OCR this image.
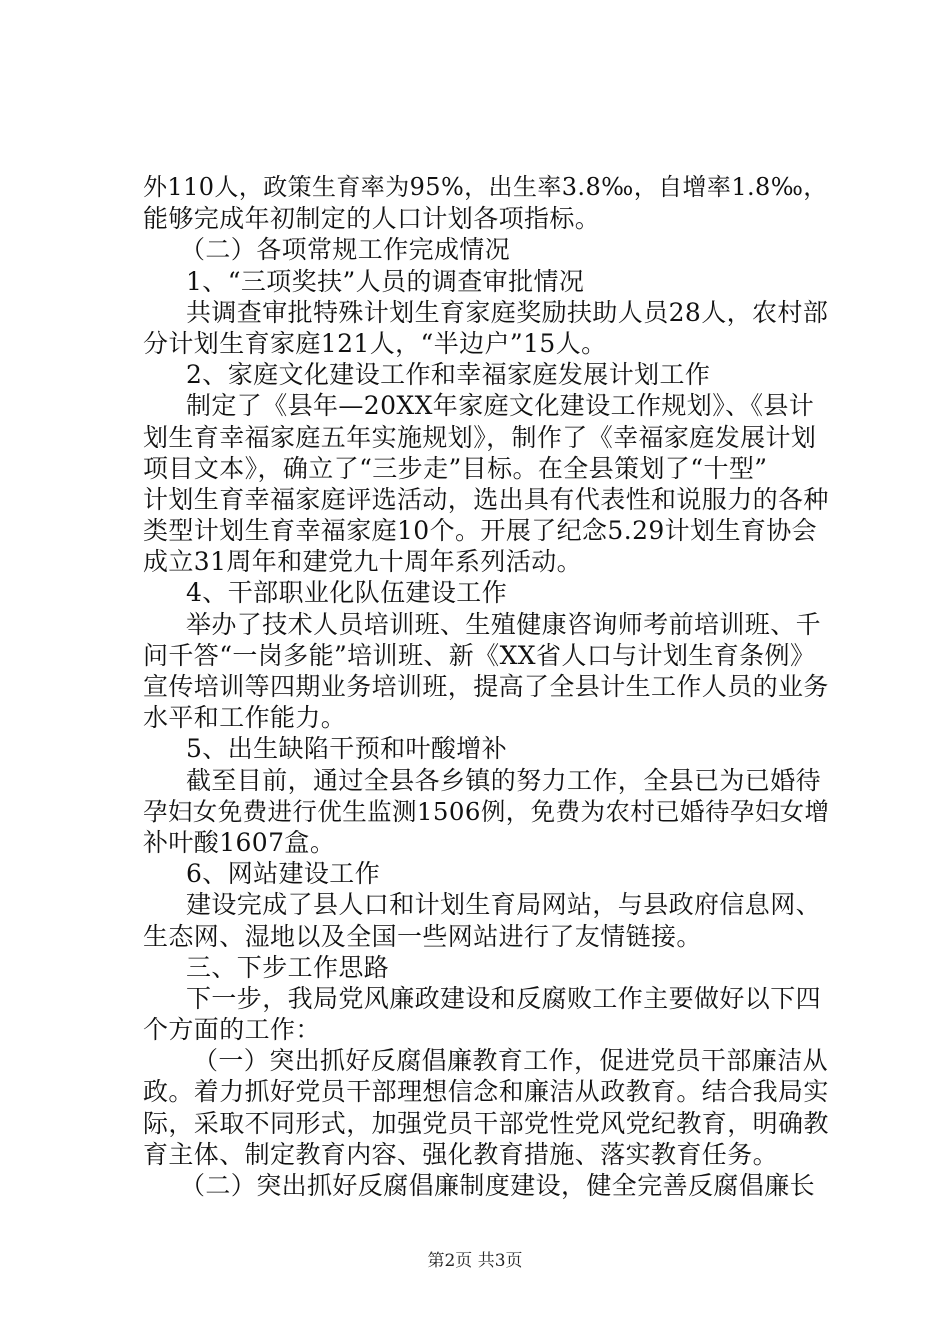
外110人，政策生育率为95%，出生率3.8‰，自增率1.8‰，
能够完成年初制定的人口计划各项指标。
（二）各项常规工作完成情况
1、“三项奖扶”人员的调查审批情况
共调查审批特殊计划生育家庭奖励扶助人员28人，农村部
分计划生育家庭121人，“半边户”15人。
2、家庭文化建设工作和幸福家庭发展计划工作
制定了《县年—20XX年家庭文化建设工作规划》、《县计
划生育幸福家庭五年实施规划》，制作了《幸福家庭发展计划
项目文本》，确立了“三步走”目标。在全县策划了“十型”
计划生育幸福家庭评选活动，选出具有代表性和说服力的各种
类型计划生育幸福家庭10个。开展了纪念5.29计划生育协会
成立31周年和建党九十周年系列活动。
4、干部职业化队伍建设工作
举办了技术人员培训班、生殖健康咨询师考前培训班、千
问千答“一岗多能”培训班、新《XX省人口与计划生育条例》
宣传培训等四期业务培训班，提高了全县计生工作人员的业务
水平和工作能力。
5、出生缺陷干预和叶酸增补
截至目前，通过全县各乡镇的努力工作，全县已为已婚待
孕妇女免费进行优生监测1506例，免费为农村已婚待孕妇女增
补叶酸1607盒。
6、网站建设工作
建设完成了县人口和计划生育局网站，与县政府信息网、
生态网、湿地以及全国一些网站进行了友情链接。
三、下步工作思路
下一步，我局党风廉政建设和反腐败工作主要做好以下四
个方面的工作：
（一）突出抓好反腐倡廉教育工作，促进党员干部廉洁从
政。着力抓好党员干部理想信念和廉洁从政教育。结合我局实
际，采取不同形式，加强党员干部党性党风党纪教育，明确教
育主体、制定教育内容、强化教育措施、落实教育任务。
（二）突出抓好反腐倡廉制度建设，健全完善反腐倡廉长
第2页 共3页
